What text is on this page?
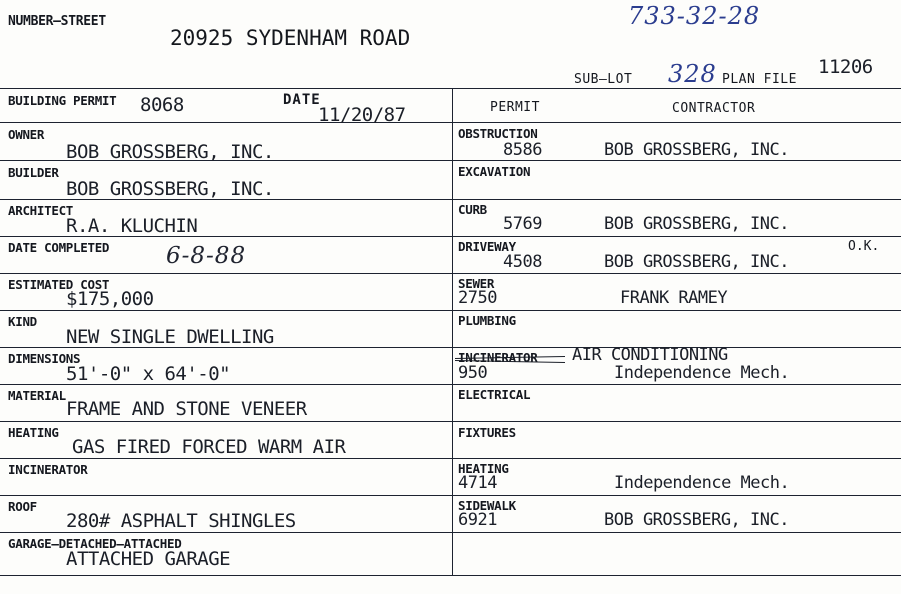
NUMBER–STREET
20925 SYDENHAM ROAD
733-32-28
SUB–LOT 328 PLAN FILE
11206
BUILDING PERMIT 8068	DATE
11/20/87
OWNER
BOB GROSSBERG, INC.
BUILDER
BOB GROSSBERG, INC.
ARCHITECT
R.A. KLUCHIN
DATE COMPLETED 6-8-88
ESTIMATED COST
$175,000
KIND
NEW SINGLE DWELLING
DIMENSIONS
51'-0" x 64'-0"
MATERIAL
FRAME AND STONE VENEER
HEATING
GAS FIRED FORCED WARM AIR
INCINERATOR
ROOF
280# ASPHALT SHINGLES
GARAGE–DETACHED–ATTACHED
ATTACHED GARAGE
PERMIT	CONTRACTOR
OBSTRUCTION
8586	BOB GROSSBERG, INC.
EXCAVATION
CURB
5769	BOB GROSSBERG, INC.
DRIVEWAY
4508	BOB GROSSBERG, INC.
O.K.
SEWER
2750	FRANK RAMEY
PLUMBING
INCINERATOR AIR CONDITIONING
950	Independence Mech.
ELECTRICAL
FIXTURES
HEATING
4714	Independence Mech.
SIDEWALK
6921	BOB GROSSBERG, INC.
